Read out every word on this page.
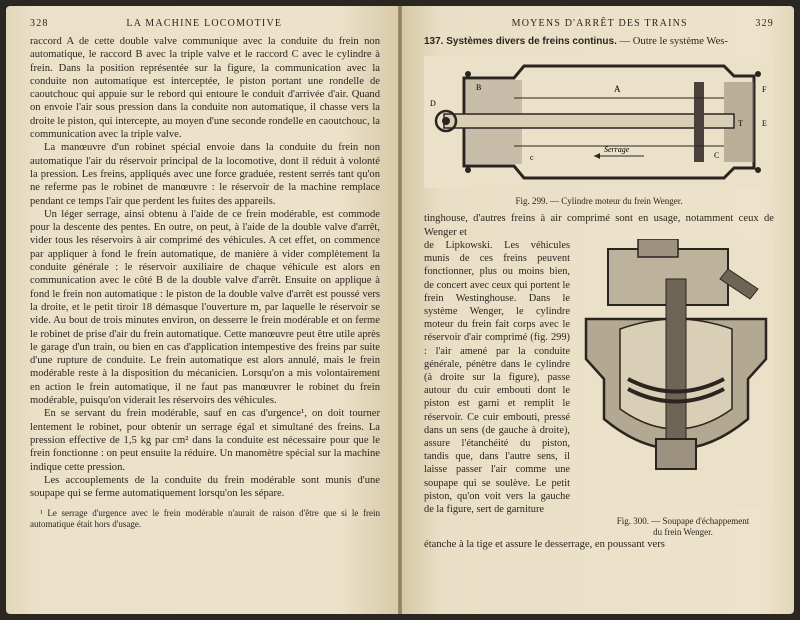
328	LA MACHINE LOCOMOTIVE

raccord A de cette double valve communique avec la conduite du frein non automatique, le raccord B avec la triple valve et le raccord C avec le cylindre à frein. Dans la position représentée sur la figure, la communication avec la conduite non automatique est interceptée, le piston portant une rondelle de caoutchouc qui appuie sur le rebord qui entoure le conduit d'arrivée d'air. Quand on envoie l'air sous pression dans la conduite non automatique, il chasse vers la droite le piston, qui intercepte, au moyen d'une seconde rondelle en caoutchouc, la communication avec la triple valve.

La manœuvre d'un robinet spécial envoie dans la conduite du frein non automatique l'air du réservoir principal de la locomotive, dont il réduit à volonté la pression. Les freins, appliqués avec une force graduée, restent serrés tant qu'on ne referme pas le robinet de manœuvre : le réservoir de la machine remplace pendant ce temps l'air que perdent les fuites des appareils.

Un léger serrage, ainsi obtenu à l'aide de ce frein modérable, est commode pour la descente des pentes. En outre, on peut, à l'aide de la double valve d'arrêt, vider tous les réservoirs à air comprimé des véhicules. A cet effet, on commence par appliquer à fond le frein automatique, de manière à vider complètement la conduite générale : le réservoir auxiliaire de chaque véhicule est alors en communication avec le côté B de la double valve d'arrêt. Ensuite on applique à fond le frein non automatique : le piston de la double valve d'arrêt est poussé vers la droite, et le petit tiroir 18 démasque l'ouverture m, par laquelle le réservoir se vide. Au bout de trois minutes environ, on desserre le frein modérable et on ferme le robinet de prise d'air du frein automatique. Cette manœuvre peut être utile après le garage d'un train, ou bien en cas d'application intempestive des freins par suite d'une rupture de conduite. Le frein automatique est alors annulé, mais le frein modérable reste à la disposition du mécanicien. Lorsqu'on a mis volontairement en action le frein automatique, il ne faut pas manœuvrer le robinet du frein modérable, puisqu'on viderait les réservoirs des véhicules.

En se servant du frein modérable, sauf en cas d'urgence¹, on doit tourner lentement le robinet, pour obtenir un serrage égal et simultané des freins. La pression effective de 1,5 kg par cm² dans la conduite est nécessaire pour que le frein fonctionne : on peut ensuite la réduire. Un manomètre spécial sur la machine indique cette pression.

Les accouplements de la conduite du frein modérable sont munis d'une soupape qui se ferme automatiquement lorsqu'on les sépare.

¹ Le serrage d'urgence avec le frein modérable n'aurait de raison d'être que si le frein automatique était hors d'usage.

MOYENS D'ARRÊT DES TRAINS	329

137. Systèmes divers de freins continus. — Outre le système Wes-

D
B	A
c
Serrage
C
T E
F
Fig. 299. — Cylindre moteur du frein Wenger.

tinghouse, d'autres freins à air comprimé sont en usage, notamment ceux de Wenger et

de Lipkowski. Les véhicules munis de ces freins peuvent fonctionner, plus ou moins bien, de concert avec ceux qui portent le frein Westinghouse. Dans le système Wenger, le cylindre moteur du frein fait corps avec le réservoir d'air comprimé (fig. 299) : l'air amené par la conduite générale, pénètre dans le cylindre (à droite sur la figure), passe autour du cuir embouti dont le piston est garni et remplit le réservoir. Ce cuir embouti, pressé dans un sens (de gauche à droite), assure l'étanchéité du piston, tandis que, dans l'autre sens, il laisse passer l'air comme une soupape qui se soulève. Le petit piston, qu'on voit vers la gauche de la figure, sert de garniture

Fig. 300. — Soupape d'échappement
du frein Wenger.

étanche à la tige et assure le desserrage, en poussant vers
